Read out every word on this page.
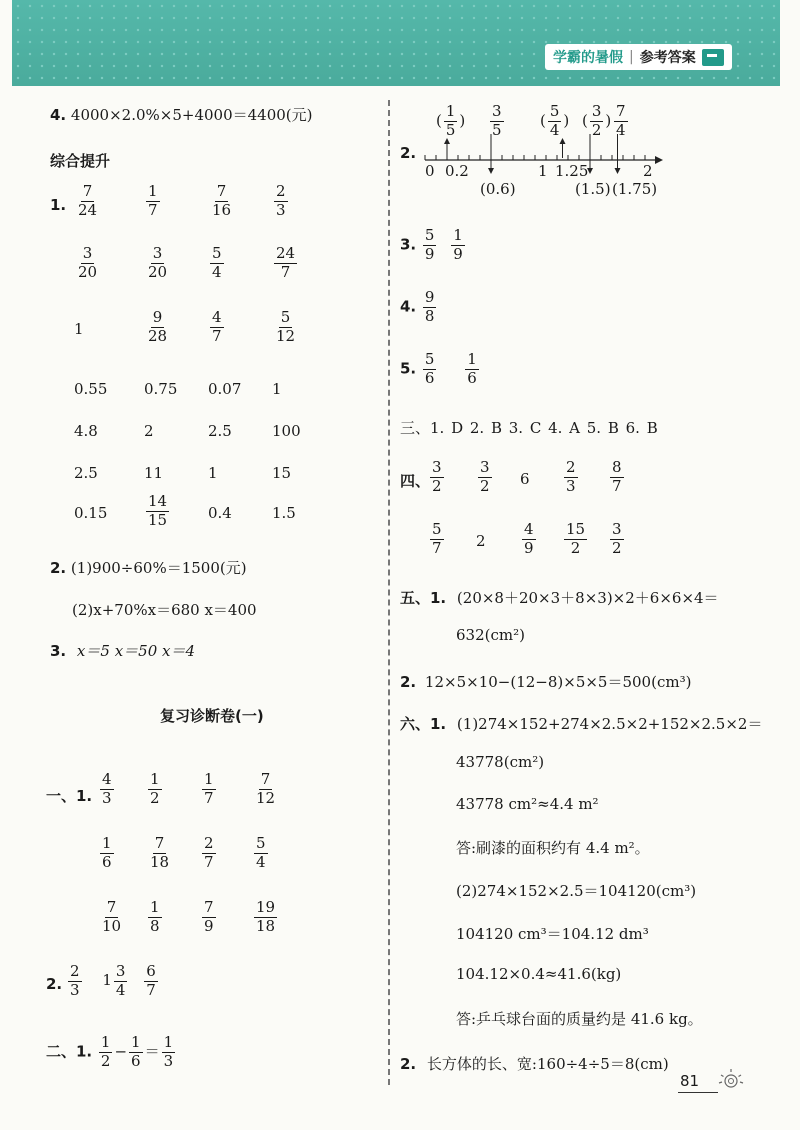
学霸的暑假 | 参考答案
4. 4000×2.0%×5+4000＝4400(元)
综合提升
1. $\frac{7}{24}$	$\frac{1}{7}$	$\frac{7}{16}$	$\frac{2}{3}$
$\frac{3}{20}$	$\frac{3}{20}$	$\frac{5}{4}$	$\frac{24}{7}$
1	$\frac{9}{28}$	$\frac{4}{7}$	$\frac{5}{12}$
0.55 0.75 0.07 1
4.8	2	2.5	100
2.5	11	1	15
0.15	$\frac{14}{15}$	0.4	1.5
2. (1)900÷60%＝1500(元)
(2)x+70%x＝680 x＝400
3. x＝5 x＝50 x＝4
复习诊断卷(一)
一、1. $\frac{4}{3} \frac{1}{2}$	$\frac{1}{7}$	$\frac{7}{12}$
$\frac{1}{6} \frac{7}{18} \frac{2}{7}$	$\frac{5}{4}$
$\frac{7}{10} \frac{1}{8}$	$\frac{7}{9}$	$\frac{19}{18}$
2. $\frac{2}{3} 1 \frac{3}{4}$
$\frac{6}{7}$
二、1. $\frac{1}{2} - \frac{1}{6} = \frac{1}{3}$
2.
0 0.2	1 1.25	2
( $\frac{1}{5}$ ) $\frac{3}{5}$ ( $\frac{5}{4}$ ) ( $\frac{3}{2}$ ) $\frac{7}{4}$
(0.6)	(1.5) (1.75)
3. $\frac{5}{9}$
$\frac{1}{9}$
4. $\frac{9}{8}$
5. $\frac{5}{6}$
$\frac{1}{6}$
三、1. D 2. B 3. C 4. A 5. B 6. B
四、 $\frac{3}{2} \frac{3}{2} 6 \frac{2}{3} \frac{8}{7}$
$\frac{5}{7} 2 \frac{4}{9} \frac{15}{2} \frac{3}{2}$
五、1. (20×8＋20×3＋8×3)×2＋6×6×4＝
632(cm²)
2. 12×5×10−(12−8)×5×5＝500(cm³)
六、1. (1)274×152+274×2.5×2+152×2.5×2＝
43778(cm²)
43778 cm²≈4.4 m²
答:刷漆的面积约有 4.4 m²。
(2)274×152×2.5＝104120(cm³)
104120 cm³＝104.12 dm³
104.12×0.4≈41.6(kg)
答:乒乓球台面的质量约是 41.6 kg。
2. 长方体的长、宽:160÷4÷5＝8(cm)
81
